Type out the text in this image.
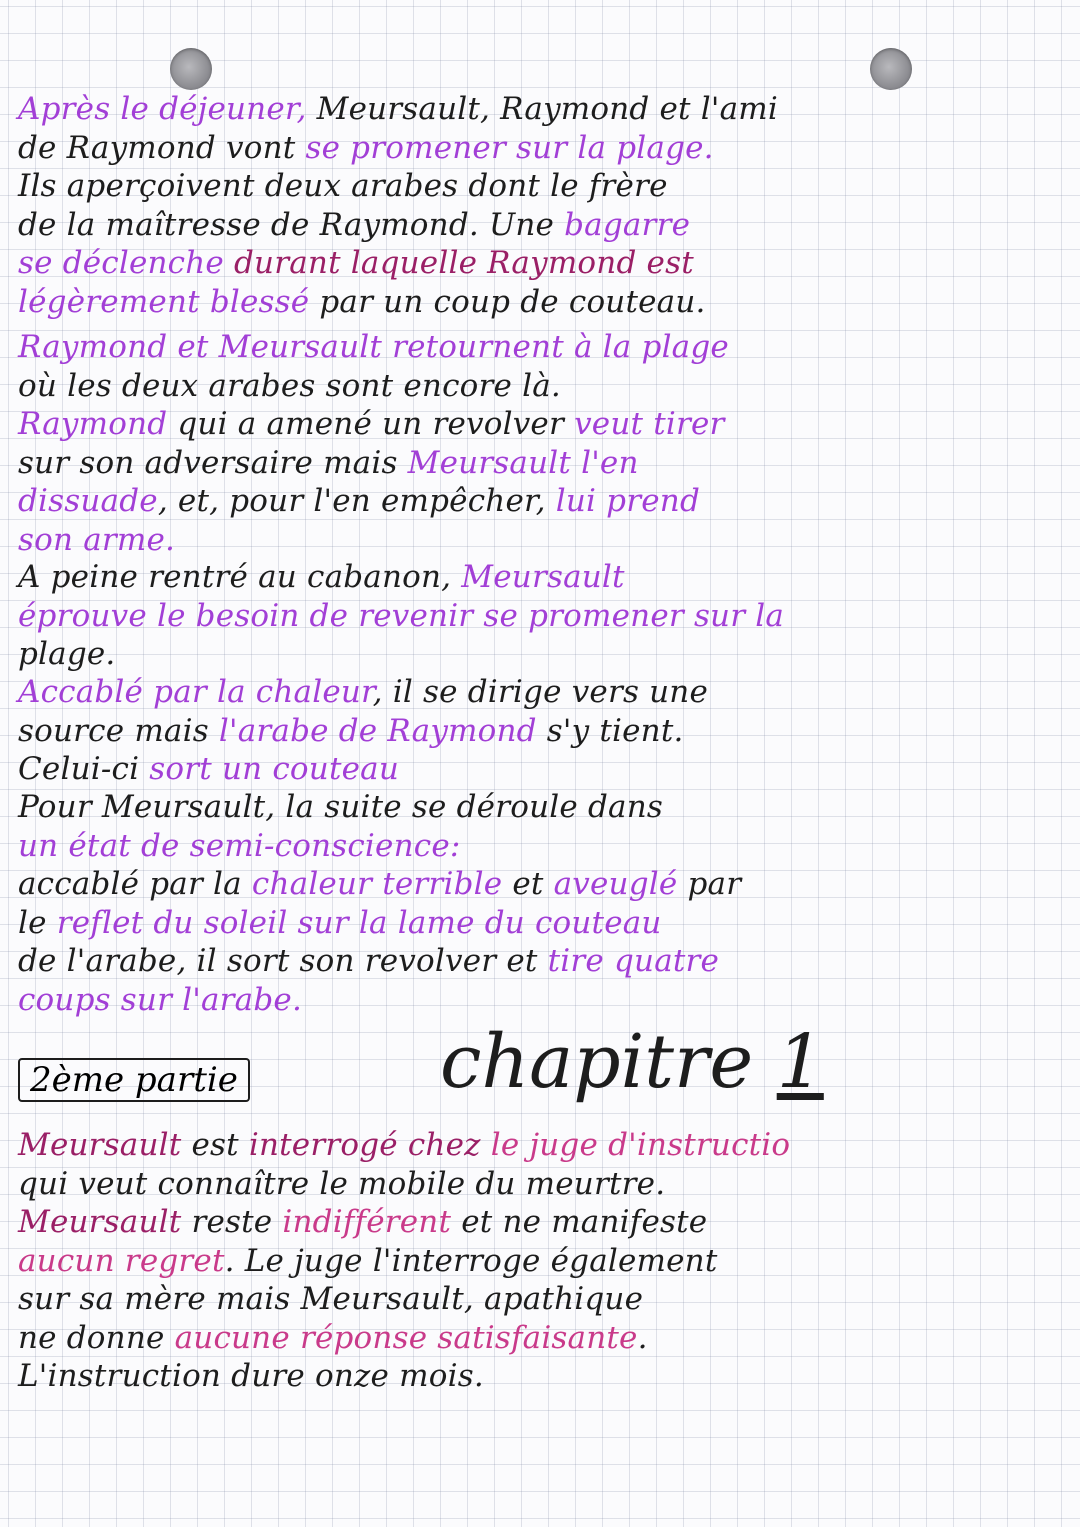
Après le déjeuner, Meursault, Raymond et l'ami
de Raymond vont se promener sur la plage.
Ils aperçoivent deux arabes dont le frère
de la maîtresse de Raymond. Une bagarre
se déclenche durant laquelle Raymond est
légèrement blessé par un coup de couteau.
Raymond et Meursault retournent à la plage
où les deux arabes sont encore là.
Raymond qui a amené un revolver veut tirer
sur son adversaire mais Meursault l'en
dissuade, et, pour l'en empêcher, lui prend
son arme.
A peine rentré au cabanon, Meursault
éprouve le besoin de revenir se promener sur la
plage.
Accablé par la chaleur, il se dirige vers une
source mais l'arabe de Raymond s'y tient.
Celui-ci sort un couteau
Pour Meursault, la suite se déroule dans
un état de semi-conscience:
accablé par la chaleur terrible et aveuglé par
le reflet du soleil sur la lame du couteau
de l'arabe, il sort son revolver et tire quatre
coups sur l'arabe.
2ème partie	chapitre 1
Meursault est interrogé chez le juge d'instructio
qui veut connaître le mobile du meurtre.
Meursault reste indifférent et ne manifeste
aucun regret. Le juge l'interroge également
sur sa mère mais Meursault, apathique
ne donne aucune réponse satisfaisante.
L'instruction dure onze mois.
